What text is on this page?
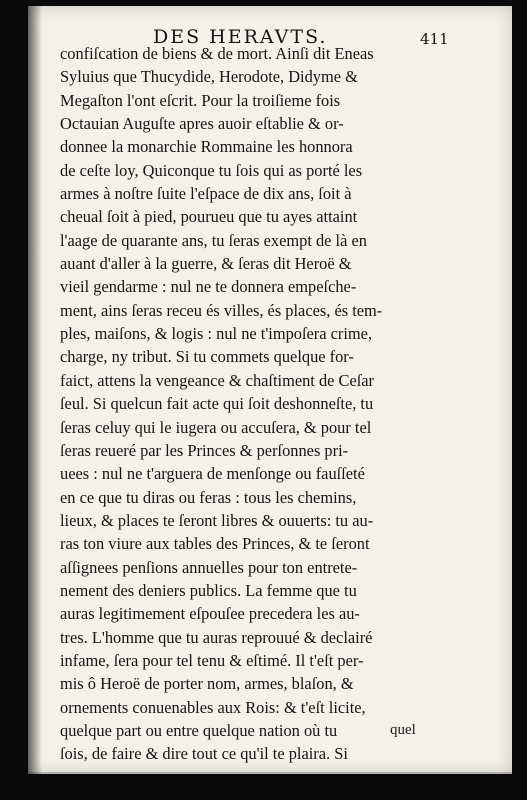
DES HERAVTS.	411
confiſcation de biens & de mort. Ainſi dit Eneas
Syluius que Thucydide, Herodote, Didyme &
Megaſton l'ont eſcrit. Pour la troiſieme fois
Octauian Auguſte apres auoir eſtablie & or-
donnee la monarchie Rommaine les honnora
de ceſte loy, Quiconque tu ſois qui as porté les
armes à noſtre ſuite l'eſpace de dix ans, ſoit à
cheual ſoit à pied, pourueu que tu ayes attaint
l'aage de quarante ans, tu ſeras exempt de là en
auant d'aller à la guerre, & ſeras dit Heroë &
vieil gendarme : nul ne te donnera empeſche-
ment, ains ſeras receu és villes, és places, és tem-
ples, maiſons, & logis : nul ne t'impoſera crime,
charge, ny tribut. Si tu commets quelque for-
faict, attens la vengeance & chaſtiment de Ceſar
ſeul. Si quelcun fait acte qui ſoit deshonneſte, tu
ſeras celuy qui le iugera ou accuſera, & pour tel
ſeras reueré par les Princes & perſonnes pri-
uees : nul ne t'arguera de menſonge ou fauſſeté
en ce que tu diras ou feras : tous les chemins,
lieux, & places te ſeront libres & ouuerts: tu au-
ras ton viure aux tables des Princes, & te ſeront
aſſignees penſions annuelles pour ton entrete-
nement des deniers publics. La femme que tu
auras legitimement eſpouſee precedera les au-
tres. L'homme que tu auras reprouué & declairé
infame, ſera pour tel tenu & eſtimé. Il t'eſt per-
mis ô Heroë de porter nom, armes, blaſon, &
ornements conuenables aux Rois: & t'eſt licite,
quelque part ou entre quelque nation où tu
ſois, de faire & dire tout ce qu'il te plaira. Si
quel
